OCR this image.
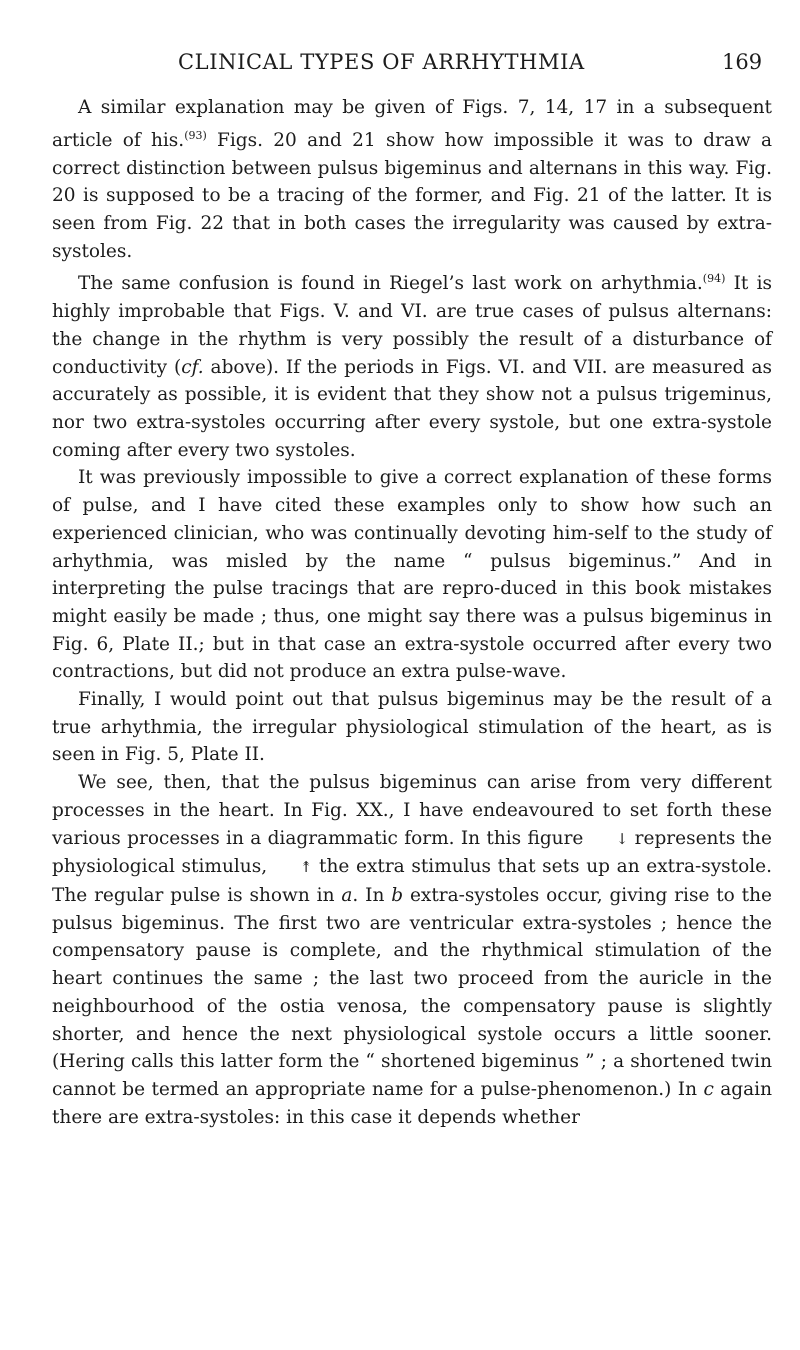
CLINICAL TYPES OF ARRHYTHMIA	169

A similar explanation may be given of Figs. 7, 14, 17 in a subsequent article of his.$^{(93)}$ Figs. 20 and 21 show how impossible it was to draw a correct distinction between pulsus bigeminus and alternans in this way. Fig. 20 is supposed to be a tracing of the former, and Fig. 21 of the latter. It is seen from Fig. 22 that in both cases the irregularity was caused by extra-systoles.

The same confusion is found in Riegel’s last work on arhythmia.$^{(94)}$ It is highly improbable that Figs. V. and VI. are true cases of pulsus alternans: the change in the rhythm is very possibly the result of a disturbance of conductivity (cf. above). If the periods in Figs. VI. and VII. are measured as accurately as possible, it is evident that they show not a pulsus trigeminus, nor two extra-systoles occurring after every systole, but one extra-systole coming after every two systoles.

It was previously impossible to give a correct explanation of these forms of pulse, and I have cited these examples only to show how such an experienced clinician, who was continually devoting him-self to the study of arhythmia, was misled by the name “ pulsus bigeminus.” And in interpreting the pulse tracings that are repro-duced in this book mistakes might easily be made ; thus, one might say there was a pulsus bigeminus in Fig. 6, Plate II.; but in that case an extra-systole occurred after every two contractions, but did not produce an extra pulse-wave.

Finally, I would point out that pulsus bigeminus may be the result of a true arhythmia, the irregular physiological stimulation of the heart, as is seen in Fig. 5, Plate II.

We see, then, that the pulsus bigeminus can arise from very different processes in the heart. In Fig. XX., I have endeavoured to set forth these various processes in a diagrammatic form. In this figure ↓ represents the physiological stimulus, ↟ the extra stimulus that sets up an extra-systole. The regular pulse is shown in a. In b extra-systoles occur, giving rise to the pulsus bigeminus. The first two are ventricular extra-systoles ; hence the compensatory pause is complete, and the rhythmical stimulation of the heart continues the same ; the last two proceed from the auricle in the neighbourhood of the ostia venosa, the compensatory pause is slightly shorter, and hence the next physiological systole occurs a little sooner. (Hering calls this latter form the “ shortened bigeminus ” ; a shortened twin cannot be termed an appropriate name for a pulse-phenomenon.) In c again there are extra-systoles: in this case it depends whether
